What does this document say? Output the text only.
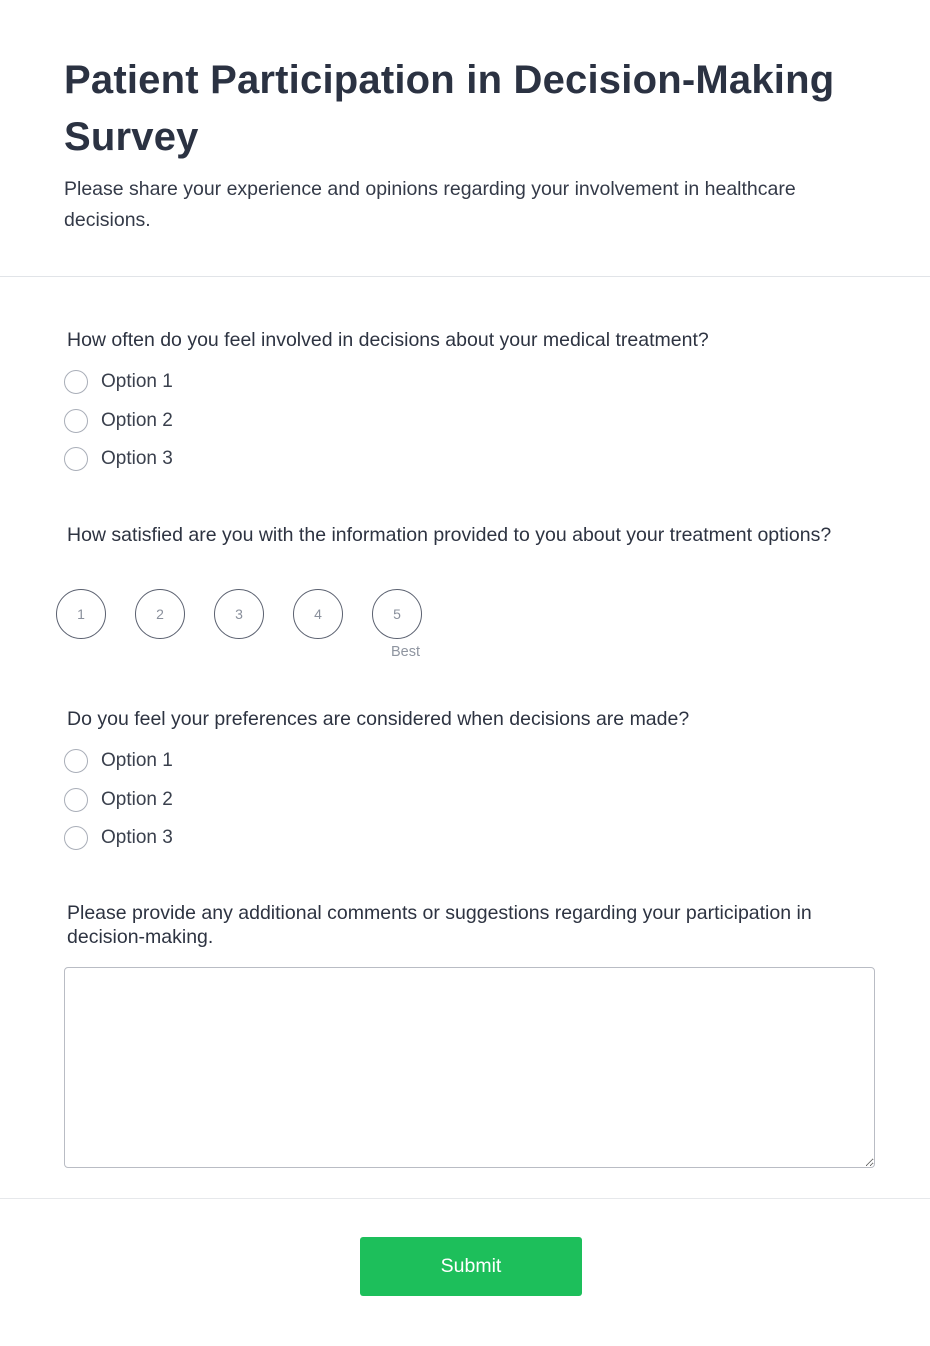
Patient Participation in Decision-Making Survey

Please share your experience and opinions regarding your involvement in healthcare decisions.

How often do you feel involved in decisions about your medical treatment?
Option 1
Option 2
Option 3
How satisfied are you with the information provided to you about your treatment options?
1	2	3	4	5
Best
Do you feel your preferences are considered when decisions are made?
Option 1
Option 2
Option 3
Please provide any additional comments or suggestions regarding your participation in decision-making.
Submit
